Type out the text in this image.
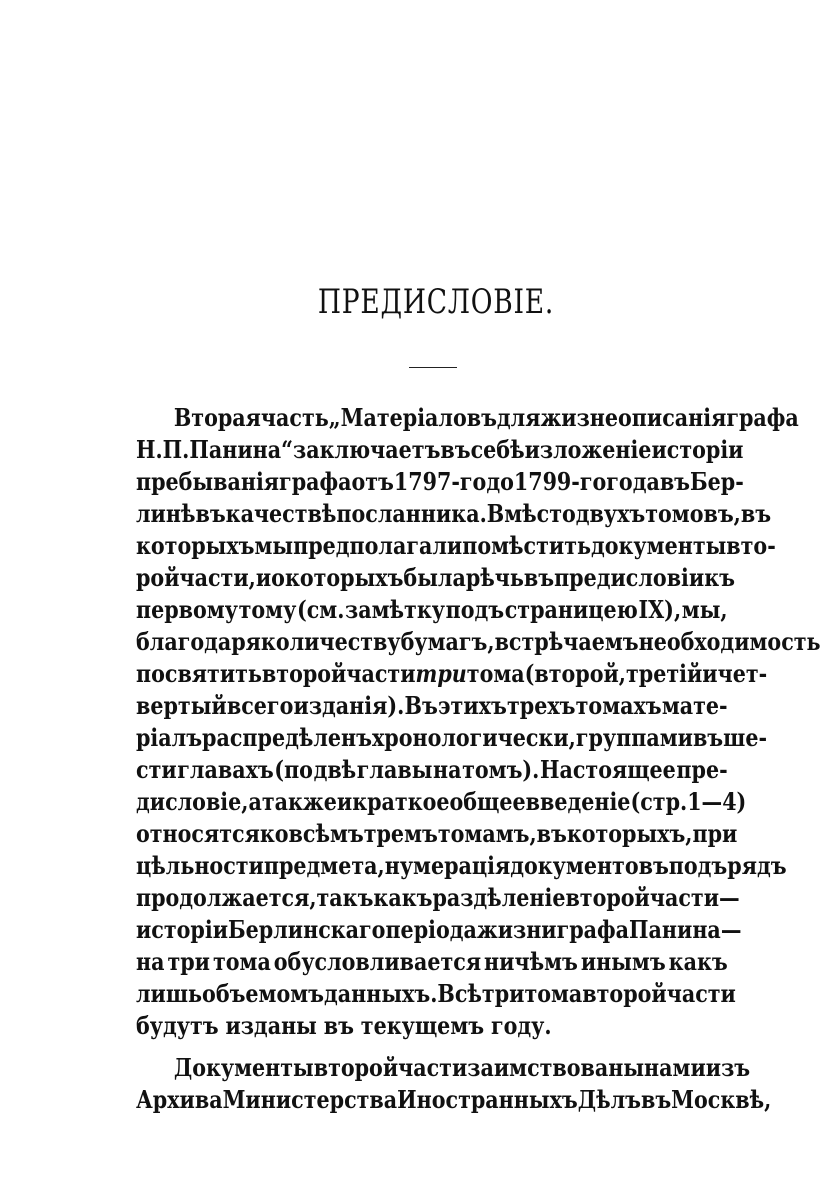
ПРЕДИСЛОВІЕ.
Вторая часть „Матеріаловъ для жизнеописанія графа
Н. П. Панина“ заключаетъ въ себѣ изложеніе исторіи
пребыванія графа отъ 1797-го до 1799-го года въ Бер-
линѣ въ качествѣ посланника. Вмѣсто двухъ томовъ, въ
которыхъ мы предполагали помѣстить документы вто-
рой части, и о которыхъ была рѣчь въ предисловіи къ
первому тому (см. замѣтку подъ страницею IX), мы,
благодаря количеству бумагъ, встрѣчаемъ необходимость
посвятить второй части три тома (второй, третій и чет-
вертый всего изданія). Въ этихъ трехъ томахъ мате-
ріалъ распредѣленъ хронологически, группами въ ше-
сти главахъ (по двѣ главы на томъ). Настоящее пре-
дисловіе, а также и краткое общее введеніе (стр. 1—4)
относятся ко всѣмъ тремъ томамъ, въ которыхъ, при
цѣльности предмета, нумерація документовъ подъ рядъ
продолжается, такъ какъ раздѣленіе второй части —
исторіи Берлинскаго періода жизни графа Панина —
на три тома обусловливается ничѣмъ инымъ какъ
лишь объемомъ данныхъ. Всѣ три тома второй части
будутъ изданы въ текущемъ году.
Документы второй части заимствованы нами изъ
Архива Министерства Иностранныхъ Дѣлъ въ Москвѣ,
